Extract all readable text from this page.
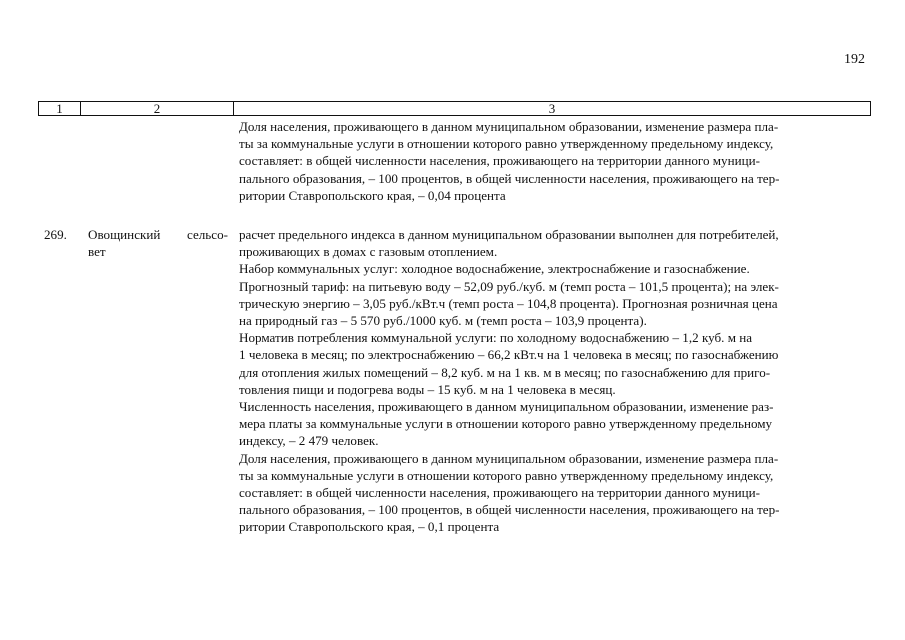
192
1	2	3

Доля населения, проживающего в данном муниципальном образовании, изменение размера пла-

ты за коммунальные услуги в отношении которого равно утвержденному предельному индексу,

составляет: в общей численности населения, проживающего на территории данного муници-

пального образования, – 100 процентов, в общей численности населения, проживающего на тер-

ритории Ставропольского края, – 0,04 процента

269. Овощинский сельсо-
вет

расчет предельного индекса в данном муниципальном образовании выполнен для потребителей,

проживающих в домах с газовым отоплением.

Набор коммунальных услуг: холодное водоснабжение, электроснабжение и газоснабжение.

Прогнозный тариф: на питьевую воду – 52,09 руб./куб. м (темп роста – 101,5 процента); на элек-

трическую энергию – 3,05 руб./кВт.ч (темп роста – 104,8 процента). Прогнозная розничная цена

на природный газ – 5 570 руб./1000 куб. м (темп роста – 103,9 процента).

Норматив потребления коммунальной услуги: по холодному водоснабжению – 1,2 куб. м на

1 человека в месяц; по электроснабжению – 66,2 кВт.ч на 1 человека в месяц; по газоснабжению

для отопления жилых помещений – 8,2 куб. м на 1 кв. м в месяц; по газоснабжению для приго-

товления пищи и подогрева воды – 15 куб. м на 1 человека в месяц.

Численность населения, проживающего в данном муниципальном образовании, изменение раз-

мера платы за коммунальные услуги в отношении которого равно утвержденному предельному

индексу, – 2 479 человек.

Доля населения, проживающего в данном муниципальном образовании, изменение размера пла-

ты за коммунальные услуги в отношении которого равно утвержденному предельному индексу,

составляет: в общей численности населения, проживающего на территории данного муници-

пального образования, – 100 процентов, в общей численности населения, проживающего на тер-

ритории Ставропольского края, – 0,1 процента
